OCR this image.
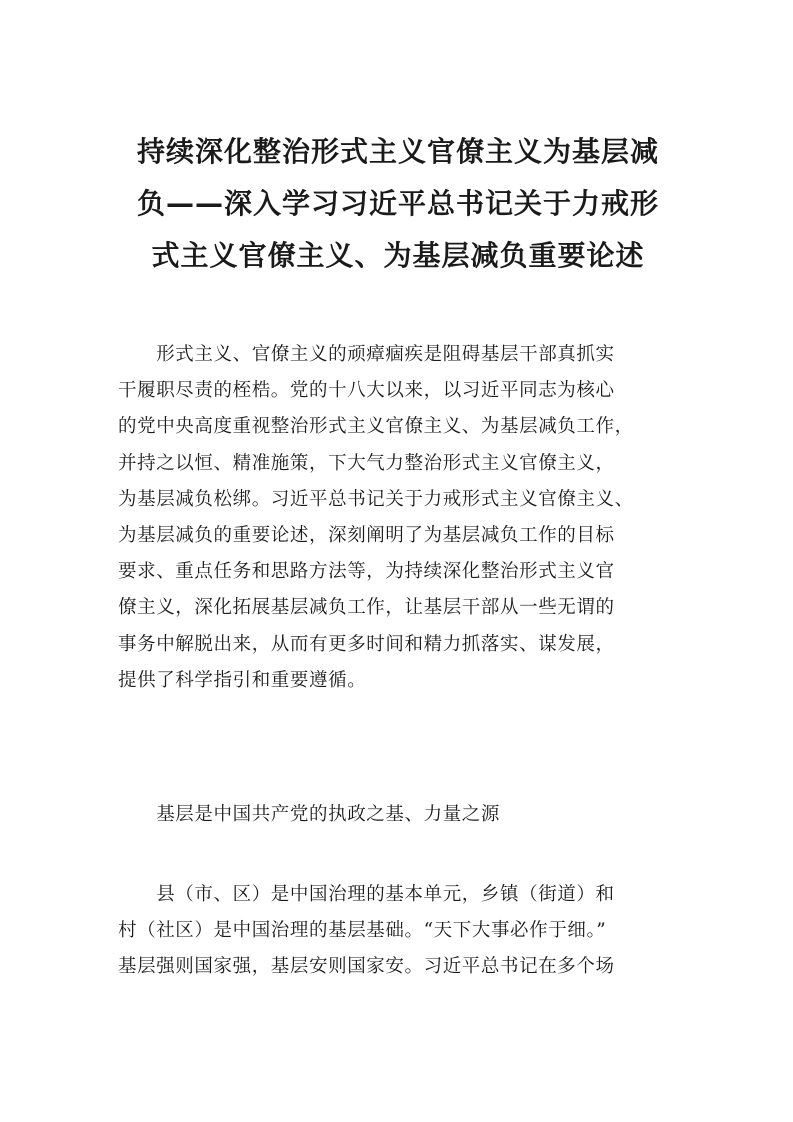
持续深化整治形式主义官僚主义为基层减
负——深入学习习近平总书记关于力戒形
式主义官僚主义、为基层减负重要论述

　　形式主义、官僚主义的顽瘴痼疾是阻碍基层干部真抓实
干履职尽责的桎梏。党的十八大以来，以习近平同志为核心
的党中央高度重视整治形式主义官僚主义、为基层减负工作，
并持之以恒、精准施策，下大气力整治形式主义官僚主义，
为基层减负松绑。习近平总书记关于力戒形式主义官僚主义、
为基层减负的重要论述，深刻阐明了为基层减负工作的目标
要求、重点任务和思路方法等，为持续深化整治形式主义官
僚主义，深化拓展基层减负工作，让基层干部从一些无谓的
事务中解脱出来，从而有更多时间和精力抓落实、谋发展，
提供了科学指引和重要遵循。

　　基层是中国共产党的执政之基、力量之源

　　县（市、区）是中国治理的基本单元，乡镇（街道）和
村（社区）是中国治理的基层基础。“天下大事必作于细。”
基层强则国家强，基层安则国家安。习近平总书记在多个场
